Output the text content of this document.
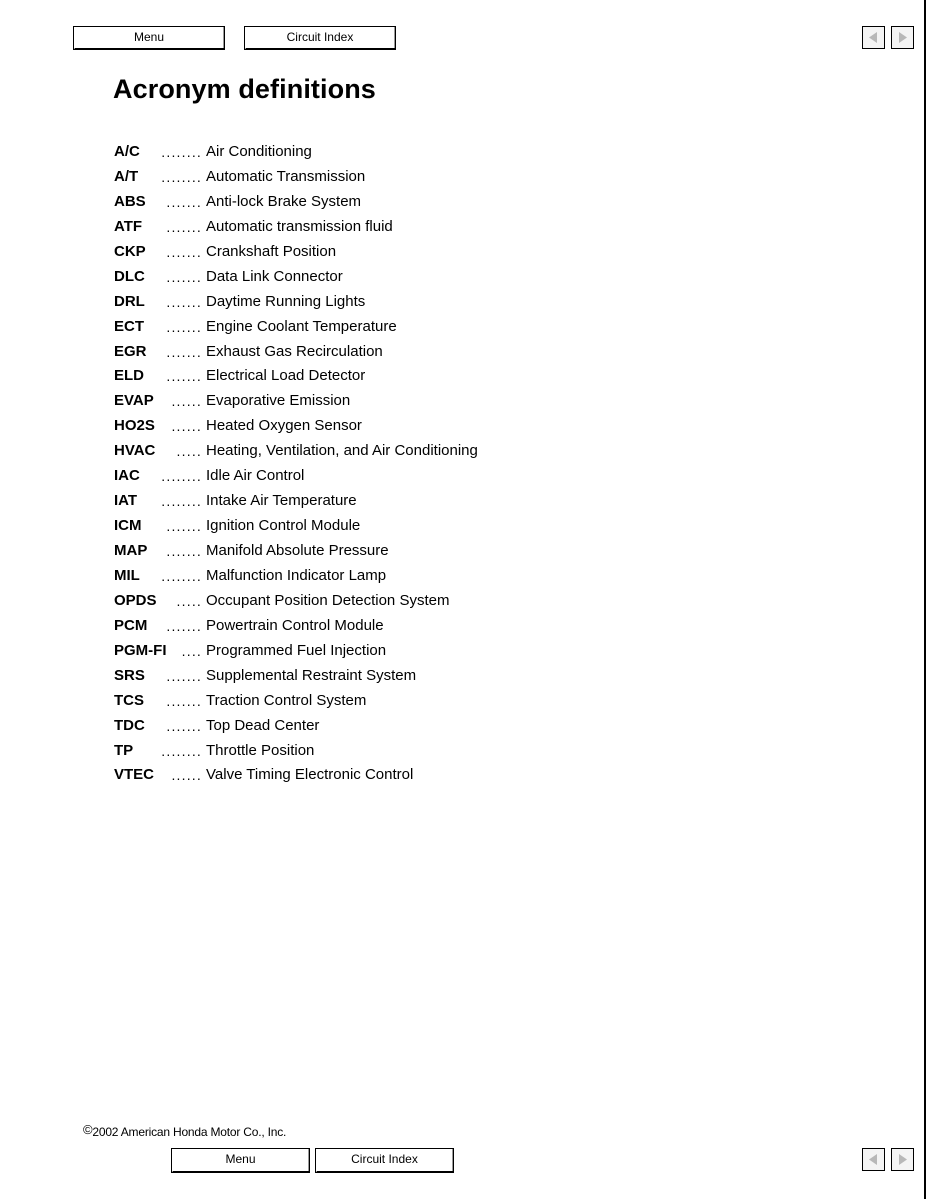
Menu	Circuit Index
Acronym definitions
........
A/C	Air Conditioning
........
A/T	Automatic Transmission
.......
ABS	Anti-lock Brake System
.......
ATF	Automatic transmission fluid
.......
CKP	Crankshaft Position
.......
DLC	Data Link Connector
.......
DRL	Daytime Running Lights
.......
ECT	Engine Coolant Temperature
.......
EGR	Exhaust Gas Recirculation
.......
ELD	Electrical Load Detector
......
EVAP	Evaporative Emission
......
HO2S	Heated Oxygen Sensor
.....
HVAC	Heating, Ventilation, and Air Conditioning
........
IAC	Idle Air Control
........
IAT	Intake Air Temperature
.......
ICM	Ignition Control Module
.......
MAP	Manifold Absolute Pressure
........
MIL	Malfunction Indicator Lamp
.....
OPDS	Occupant Position Detection System
.......
PCM	Powertrain Control Module
....
PGM-FI	Programmed Fuel Injection
.......
SRS	Supplemental Restraint System
.......
TCS	Traction Control System
.......
TDC	Top Dead Center
........
TP	Throttle Position
......
VTEC	Valve Timing Electronic Control
©2002 American Honda Motor Co., Inc.
Menu	Circuit Index
